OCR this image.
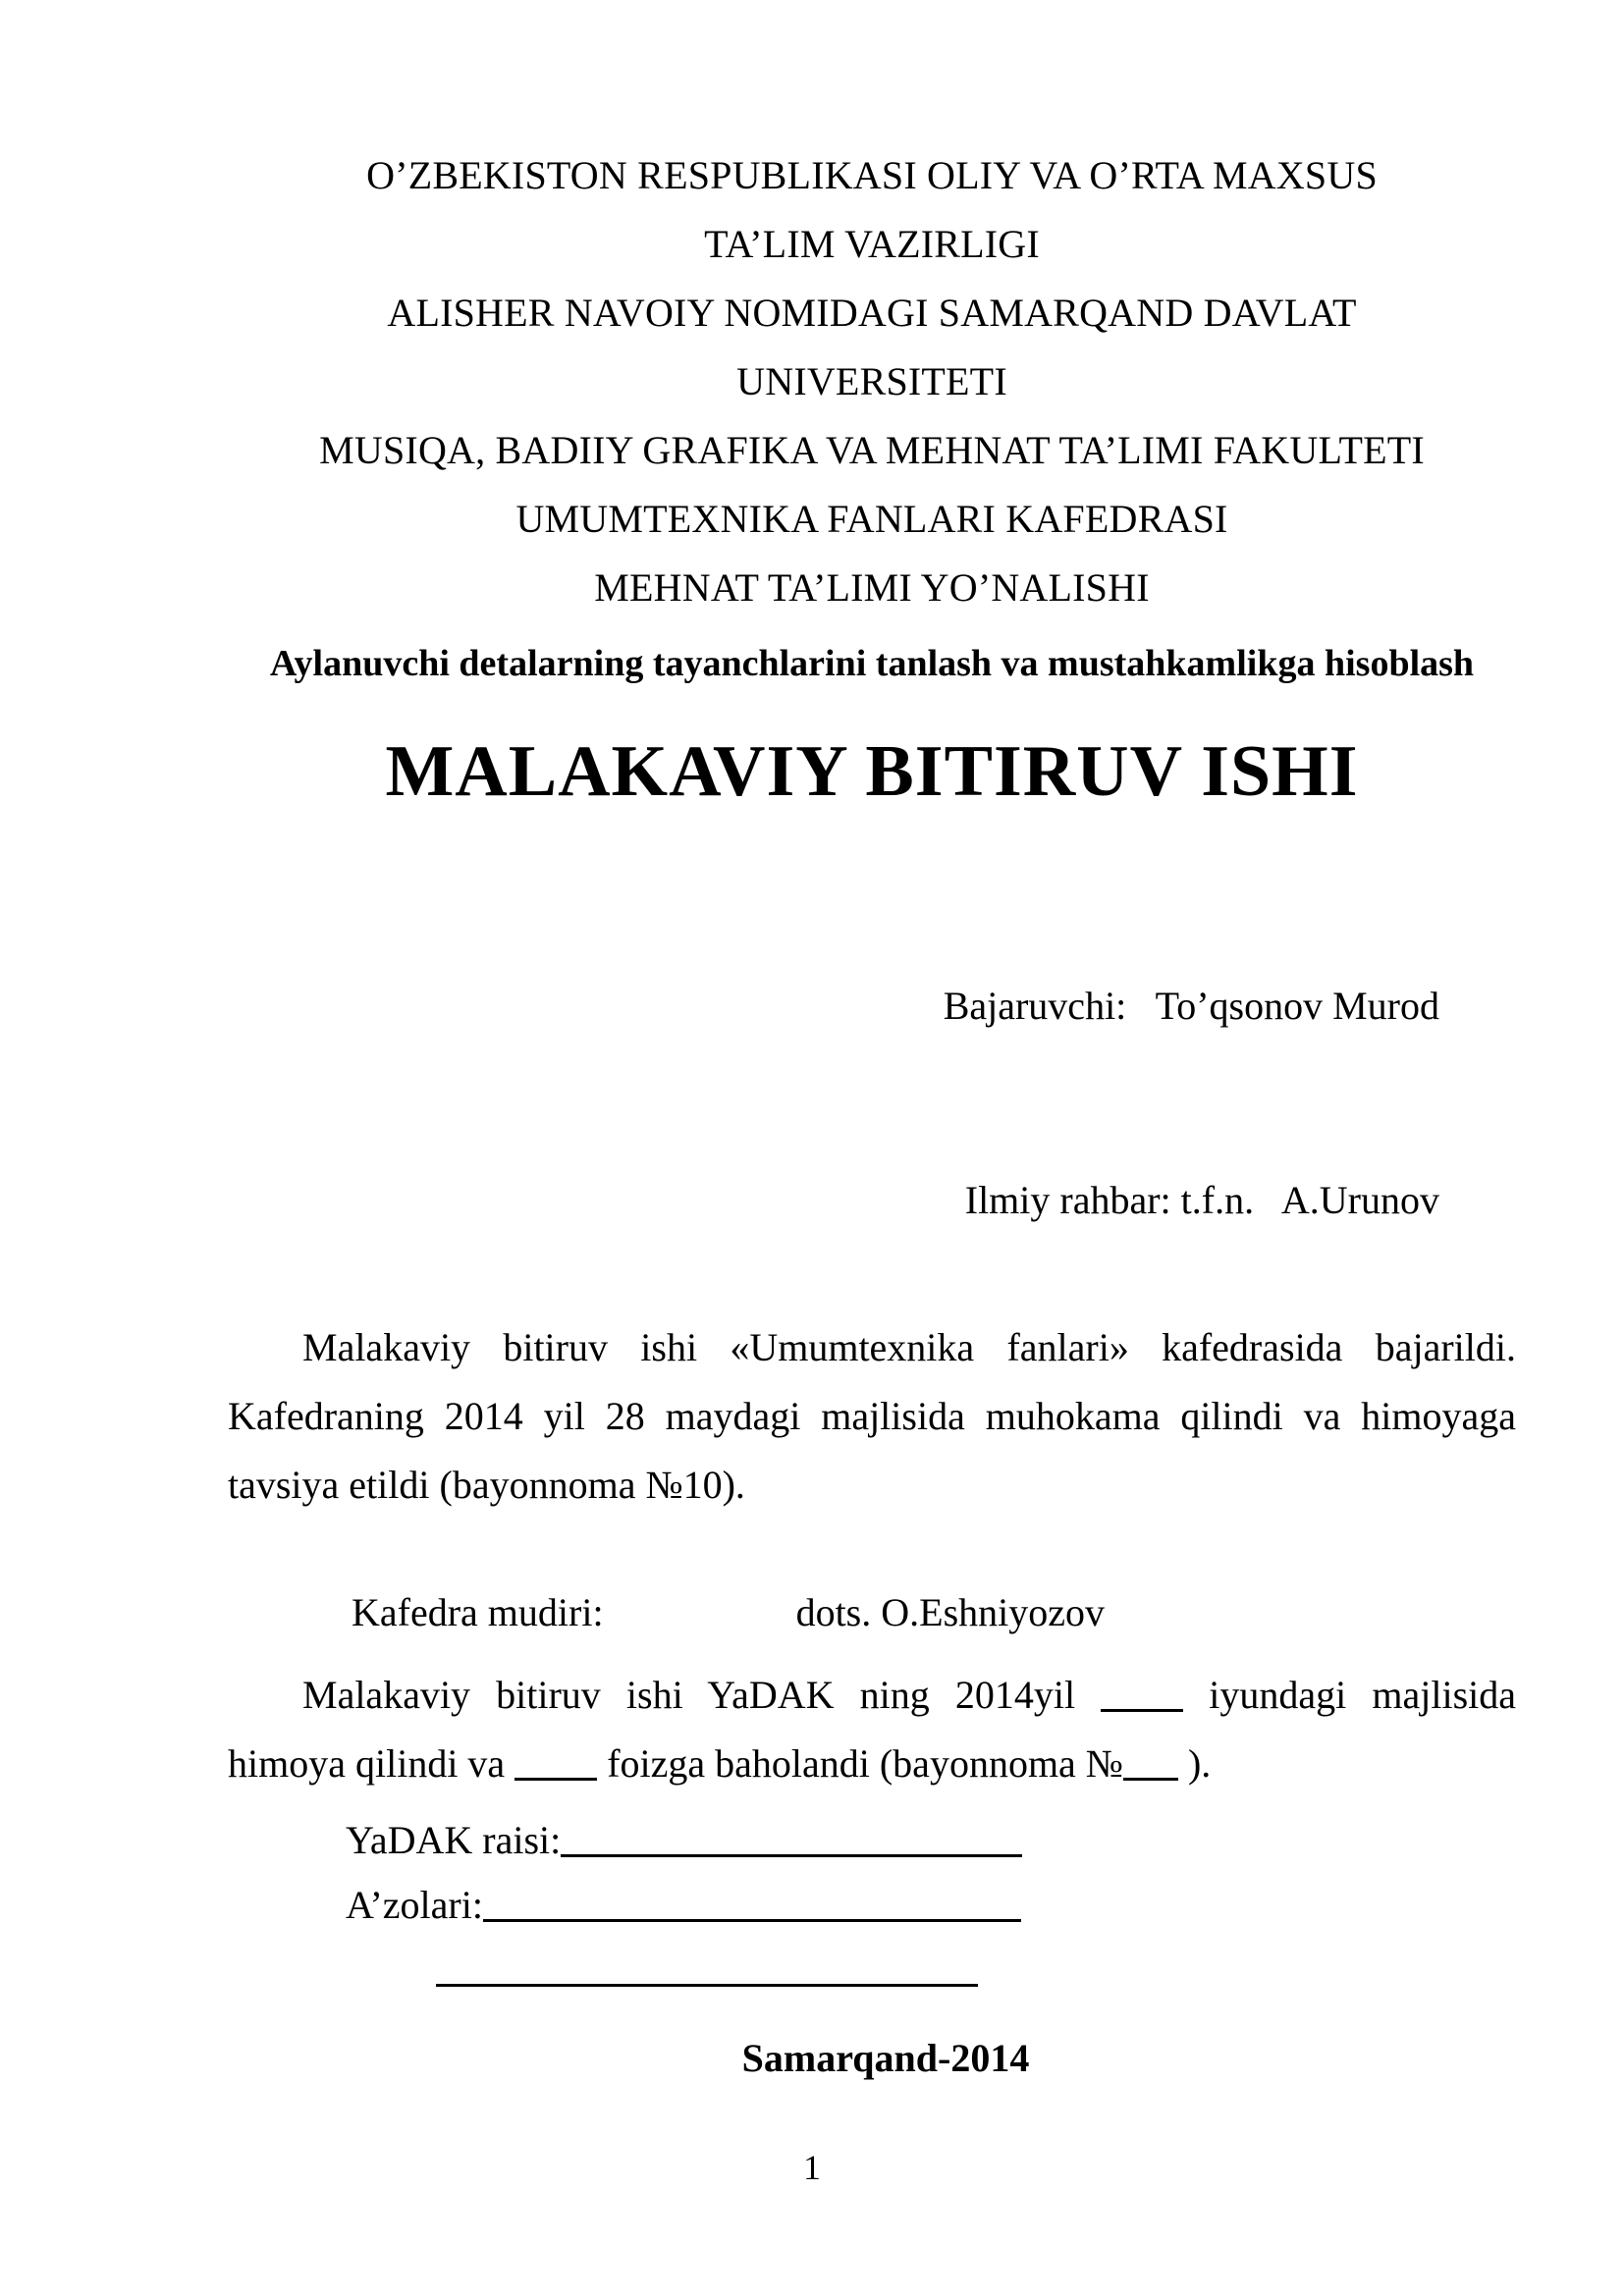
O’ZBEKISTON RESPUBLIKASI OLIY VA O’RTA MAXSUS
TA’LIM VAZIRLIGI
ALISHER NAVOIY NOMIDAGI SAMARQAND DAVLAT
UNIVERSITETI
MUSIQA, BADIIY GRAFIKA VA MEHNAT TA’LIMI FAKULTETI
UMUMTEXNIKA FANLARI KAFEDRASI
MEHNAT TA’LIMI YO’NALISHI
Aylanuvchi detalarning tayanchlarini tanlash va mustahkamlikga hisoblash
MALAKAVIY BITIRUV ISHI

Bajaruvchi: To’qsonov Murod

Ilmiy rahbar: t.f.n. A.Urunov

Malakaviy bitiruv ishi «Umumtexnika fanlari» kafedrasida bajarildi. Kafedraning 2014 yil 28 maydagi majlisida muhokama qilindi va himoyaga tavsiya etildi (bayonnoma №10).
Kafedra mudiri:	dots. O.Eshniyozov
Malakaviy bitiruv ishi YaDAK ning 2014yil	iyundagi majlisida himoya qilindi va	foizga baholandi (bayonnoma № ).
YaDAK raisi:
A’zolari:
Samarqand-2014
1
